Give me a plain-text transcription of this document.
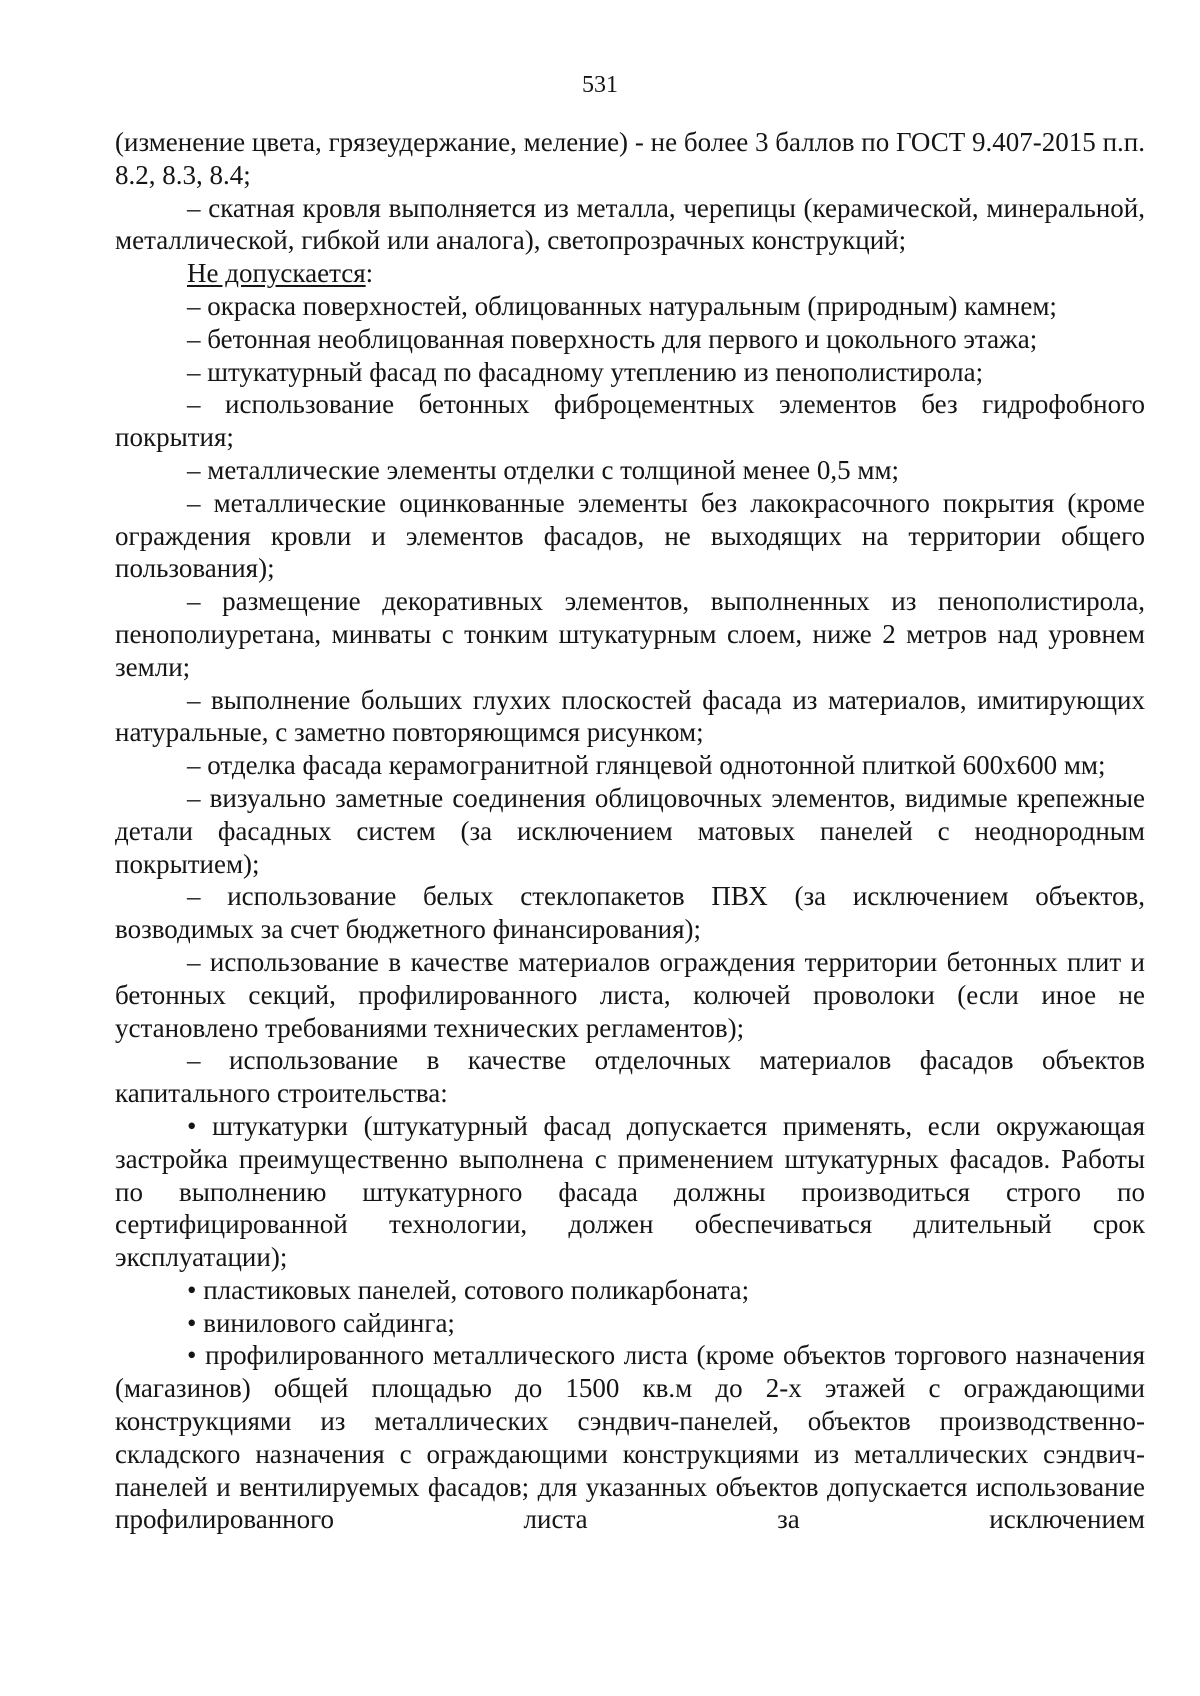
531

(изменение цвета, грязеудержание, меление) - не более 3 баллов по ГОСТ 9.407-2015 п.п. 8.2, 8.3, 8.4;

– скатная кровля выполняется из металла, черепицы (керамической, минеральной, металлической, гибкой или аналога), светопрозрачных конструкций;

Не допускается:

– окраска поверхностей, облицованных натуральным (природным) камнем;

– бетонная необлицованная поверхность для первого и цокольного этажа;

– штукатурный фасад по фасадному утеплению из пенополистирола;

– использование бетонных фиброцементных элементов без гидрофобного покрытия;

– металлические элементы отделки с толщиной менее 0,5 мм;

– металлические оцинкованные элементы без лакокрасочного покрытия (кроме ограждения кровли и элементов фасадов, не выходящих на территории общего пользования);

– размещение декоративных элементов, выполненных из пенополистирола, пенополиуретана, минваты с тонким штукатурным слоем, ниже 2 метров над уровнем земли;

– выполнение больших глухих плоскостей фасада из материалов, имитирующих натуральные, с заметно повторяющимся рисунком;

– отделка фасада керамогранитной глянцевой однотонной плиткой 600х600 мм;

– визуально заметные соединения облицовочных элементов, видимые крепежные детали фасадных систем (за исключением матовых панелей с неоднородным покрытием);

– использование белых стеклопакетов ПВХ (за исключением объектов, возводимых за счет бюджетного финансирования);

– использование в качестве материалов ограждения территории бетонных плит и бетонных секций, профилированного листа, колючей проволоки (если иное не установлено требованиями технических регламентов);

– использование в качестве отделочных материалов фасадов объектов капитального строительства:

• штукатурки (штукатурный фасад допускается применять, если окружающая застройка преимущественно выполнена с применением штукатурных фасадов. Работы по выполнению штукатурного фасада должны производиться строго по сертифицированной технологии, должен обеспечиваться длительный срок эксплуатации);

• пластиковых панелей, сотового поликарбоната;

• винилового сайдинга;

• профилированного металлического листа (кроме объектов торгового назначения (магазинов) общей площадью до 1500 кв.м до 2-х этажей с ограждающими конструкциями из металлических сэндвич-панелей, объектов производственно-складского назначения с ограждающими конструкциями из металлических сэндвич-панелей и вентилируемых фасадов; для указанных объектов допускается использование профилированного листа за исключением
